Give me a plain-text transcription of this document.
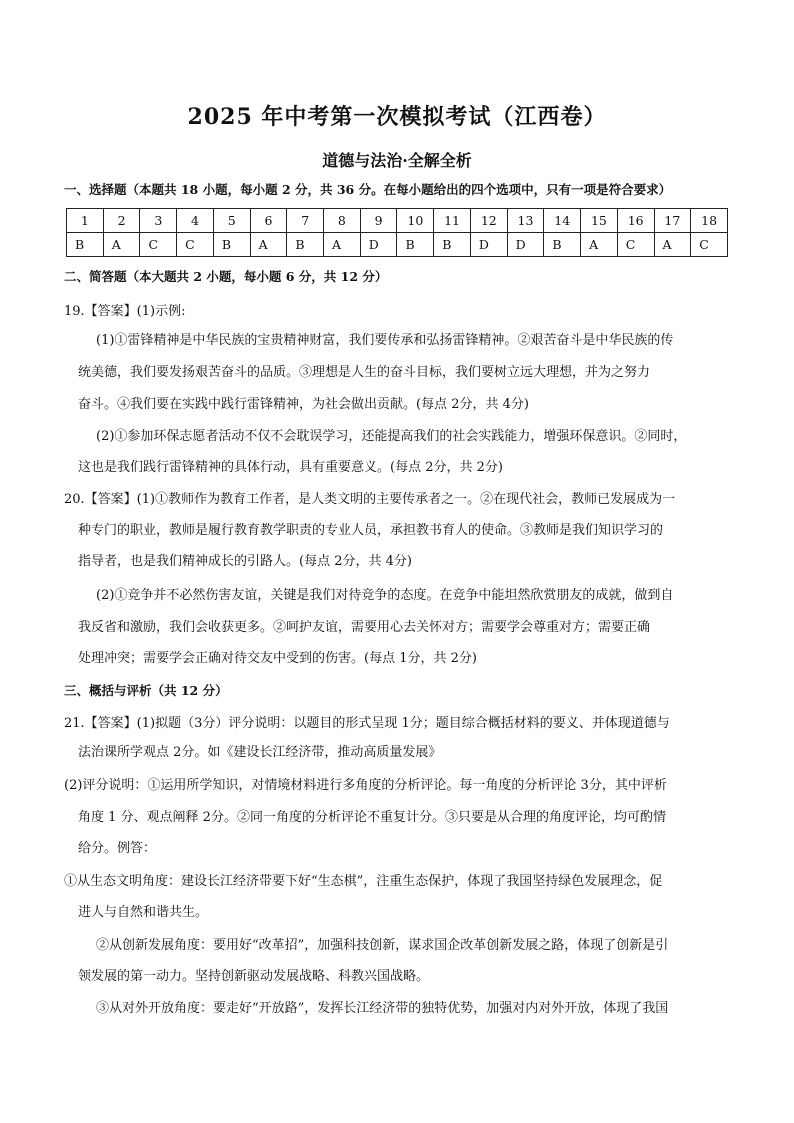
2025 年中考第一次模拟考试（江西卷）
道德与法治·全解全析
一、选择题（本题共 18 小题，每小题 2 分，共 36 分。在每小题给出的四个选项中，只有一项是符合要求）
1	2	3	4	5	6	7	8	9	10	11	12	13	14	15	16	17	18
B	A	C	C	B	A	B	A	D	B	B	D	D	B	A	C	A	C
二、简答题（本大题共 2 小题，每小题 6 分，共 12 分）
19.【答案】(1)示例:
(1)①雷锋精神是中华民族的宝贵精神财富，我们要传承和弘扬雷锋精神。②艰苦奋斗是中华民族的传
统美德，我们要发扬艰苦奋斗的品质。③理想是人生的奋斗目标，我们要树立远大理想，并为之努力
奋斗。④我们要在实践中践行雷锋精神，为社会做出贡献。(每点 2分，共 4分)
(2)①参加环保志愿者活动不仅不会耽误学习，还能提高我们的社会实践能力，增强环保意识。②同时，
这也是我们践行雷锋精神的具体行动，具有重要意义。(每点 2分，共 2分)
20.【答案】(1)①教师作为教育工作者，是人类文明的主要传承者之一。②在现代社会，教师已发展成为一
种专门的职业，教师是履行教育教学职责的专业人员，承担教书育人的使命。③教师是我们知识学习的
指导者，也是我们精神成长的引路人。(每点 2分，共 4分)
(2)①竞争并不必然伤害友谊，关键是我们对待竞争的态度。在竞争中能坦然欣赏朋友的成就，做到自
我反省和激励，我们会收获更多。②呵护友谊，需要用心去关怀对方；需要学会尊重对方；需要正确
处理冲突；需要学会正确对待交友中受到的伤害。(每点 1分，共 2分)
三、概括与评析（共 12 分）
21.【答案】(1)拟题（3分）评分说明：以题目的形式呈现 1分；题目综合概括材料的要义、并体现道德与
法治课所学观点 2分。如《建设长江经济带，推动高质量发展》
(2)评分说明：①运用所学知识，对情境材料进行多角度的分析评论。每一角度的分析评论 3分，其中评析
角度 1 分、观点阐释 2分。②同一角度的分析评论不重复计分。③只要是从合理的角度评论，均可酌情
给分。例答：
①从生态文明角度：建设长江经济带要下好“生态棋”，注重生态保护，体现了我国坚持绿色发展理念，促
进人与自然和谐共生。
②从创新发展角度：要用好“改革招”，加强科技创新，谋求国企改革创新发展之路，体现了创新是引
领发展的第一动力。坚持创新驱动发展战略、科教兴国战略。
③从对外开放角度：要走好“开放路”，发挥长江经济带的独特优势，加强对内对外开放，体现了我国
